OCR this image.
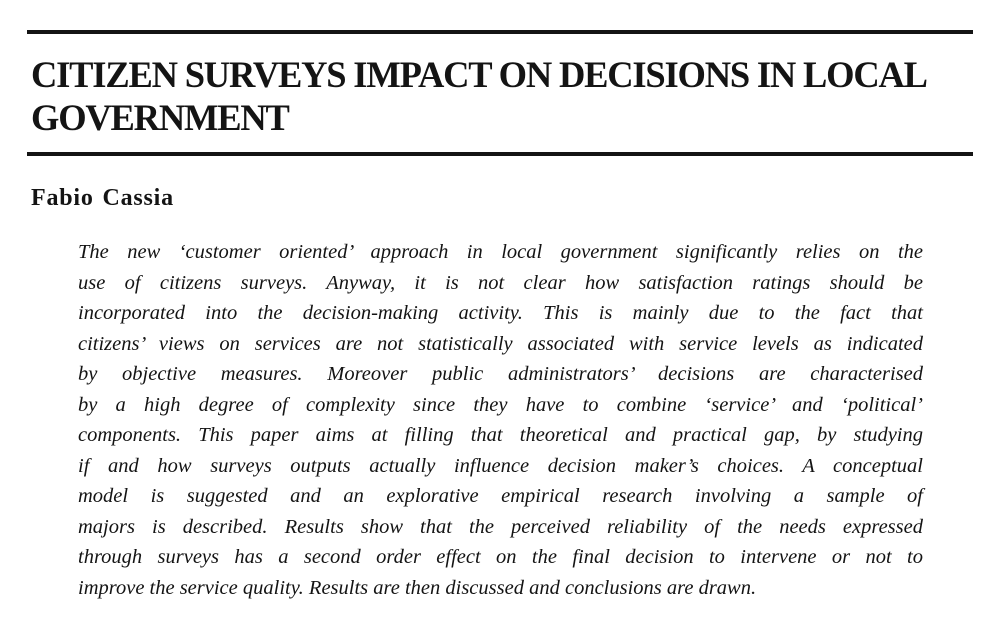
CITIZEN SURVEYS IMPACT ON DECISIONS IN LOCAL
GOVERNMENT

Fabio Cassia

The new ‘customer oriented’ approach in local government significantly relies on the
use of citizens surveys. Anyway, it is not clear how satisfaction ratings should be
incorporated into the decision-making activity. This is mainly due to the fact that
citizens’ views on services are not statistically associated with service levels as indicated
by objective measures. Moreover public administrators’ decisions are characterised
by a high degree of complexity since they have to combine ‘service’ and ‘political’
components. This paper aims at filling that theoretical and practical gap, by studying
if and how surveys outputs actually influence decision maker’s choices. A conceptual
model is suggested and an explorative empirical research involving a sample of
majors is described. Results show that the perceived reliability of the needs expressed
through surveys has a second order effect on the final decision to intervene or not to
improve the service quality. Results are then discussed and conclusions are drawn.
